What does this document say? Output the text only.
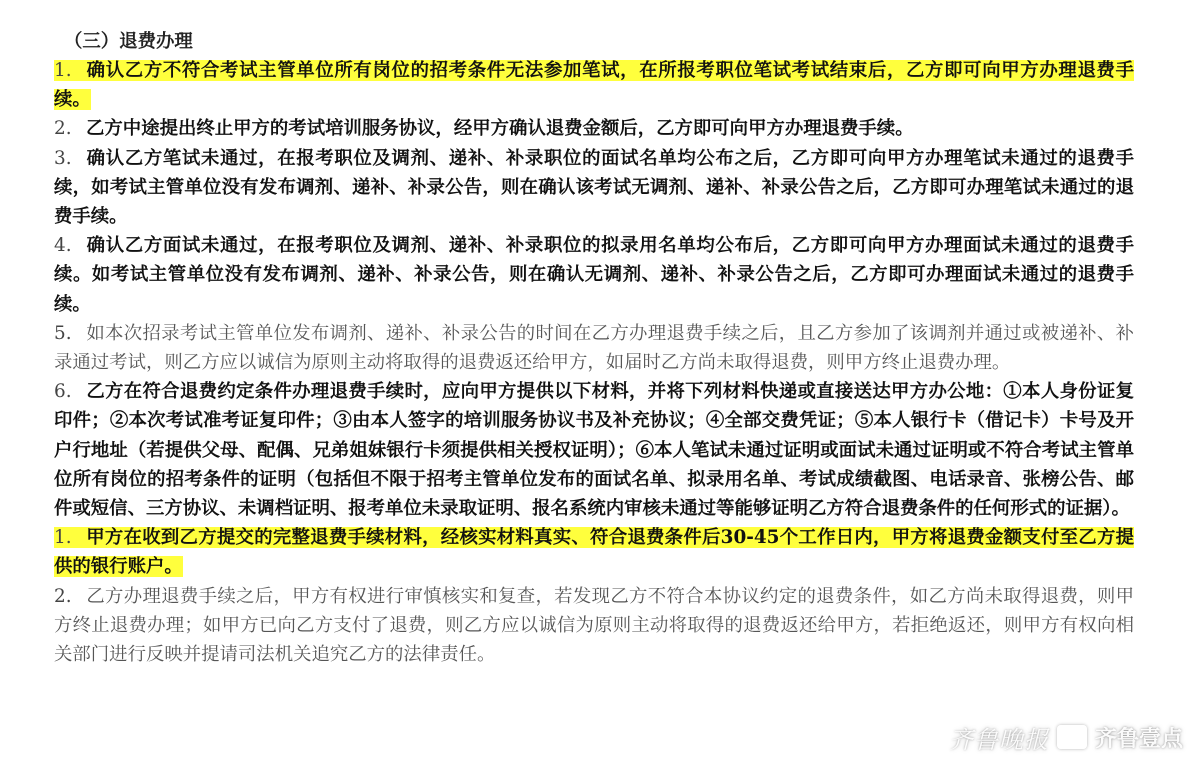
（三）退费办理

1. 确认乙方不符合考试主管单位所有岗位的招考条件无法参加笔试，在所报考职位笔试考试结束后，乙方即可向甲方办理退费手续。

2. 乙方中途提出终止甲方的考试培训服务协议，经甲方确认退费金额后，乙方即可向甲方办理退费手续。

3. 确认乙方笔试未通过，在报考职位及调剂、递补、补录职位的面试名单均公布之后，乙方即可向甲方办理笔试未通过的退费手续，如考试主管单位没有发布调剂、递补、补录公告，则在确认该考试无调剂、递补、补录公告之后，乙方即可办理笔试未通过的退费手续。

4. 确认乙方面试未通过，在报考职位及调剂、递补、补录职位的拟录用名单均公布后，乙方即可向甲方办理面试未通过的退费手续。如考试主管单位没有发布调剂、递补、补录公告，则在确认无调剂、递补、补录公告之后，乙方即可办理面试未通过的退费手续。

5. 如本次招录考试主管单位发布调剂、递补、补录公告的时间在乙方办理退费手续之后，且乙方参加了该调剂并通过或被递补、补录通过考试，则乙方应以诚信为原则主动将取得的退费返还给甲方，如届时乙方尚未取得退费，则甲方终止退费办理。

6. 乙方在符合退费约定条件办理退费手续时，应向甲方提供以下材料，并将下列材料快递或直接送达甲方办公地：①本人身份证复印件；②本次考试准考证复印件；③由本人签字的培训服务协议书及补充协议；④全部交费凭证；⑤本人银行卡（借记卡）卡号及开户行地址（若提供父母、配偶、兄弟姐妹银行卡须提供相关授权证明）；⑥本人笔试未通过证明或面试未通过证明或不符合考试主管单位所有岗位的招考条件的证明（包括但不限于招考主管单位发布的面试名单、拟录用名单、考试成绩截图、电话录音、张榜公告、邮件或短信、三方协议、未调档证明、报考单位未录取证明、报名系统内审核未通过等能够证明乙方符合退费条件的任何形式的证据）。

1. 甲方在收到乙方提交的完整退费手续材料，经核实材料真实、符合退费条件后30-45个工作日内，甲方将退费金额支付至乙方提供的银行账户。

2. 乙方办理退费手续之后，甲方有权进行审慎核实和复查，若发现乙方不符合本协议约定的退费条件，如乙方尚未取得退费，则甲方终止退费办理；如甲方已向乙方支付了退费，则乙方应以诚信为原则主动将取得的退费返还给甲方，若拒绝返还，则甲方有权向相关部门进行反映并提请司法机关追究乙方的法律责任。

齐鲁晚报 齐鲁壹点
